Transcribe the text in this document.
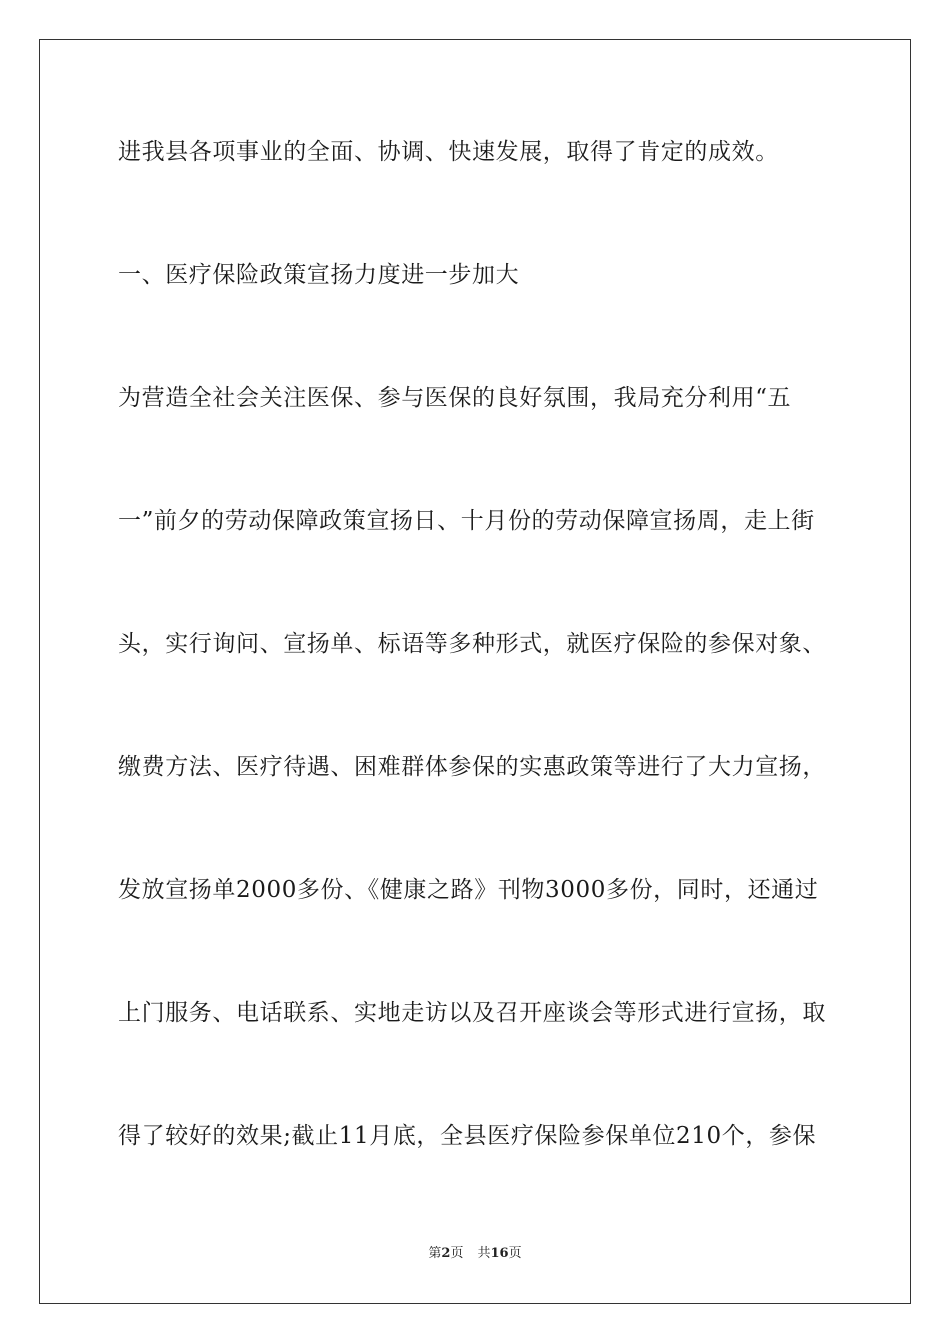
进我县各项事业的全面、协调、快速发展，取得了肯定的成效。
一、医疗保险政策宣扬力度进一步加大
为营造全社会关注医保、参与医保的良好氛围，我局充分利用“五
一”前夕的劳动保障政策宣扬日、十月份的劳动保障宣扬周，走上街
头，实行询问、宣扬单、标语等多种形式，就医疗保险的参保对象、
缴费方法、医疗待遇、困难群体参保的实惠政策等进行了大力宣扬，
发放宣扬单2000多份、《健康之路》刊物3000多份，同时，还通过
上门服务、电话联系、实地走访以及召开座谈会等形式进行宣扬，取
得了较好的效果;截止11月底，全县医疗保险参保单位210个，参保
第2页 共16页
